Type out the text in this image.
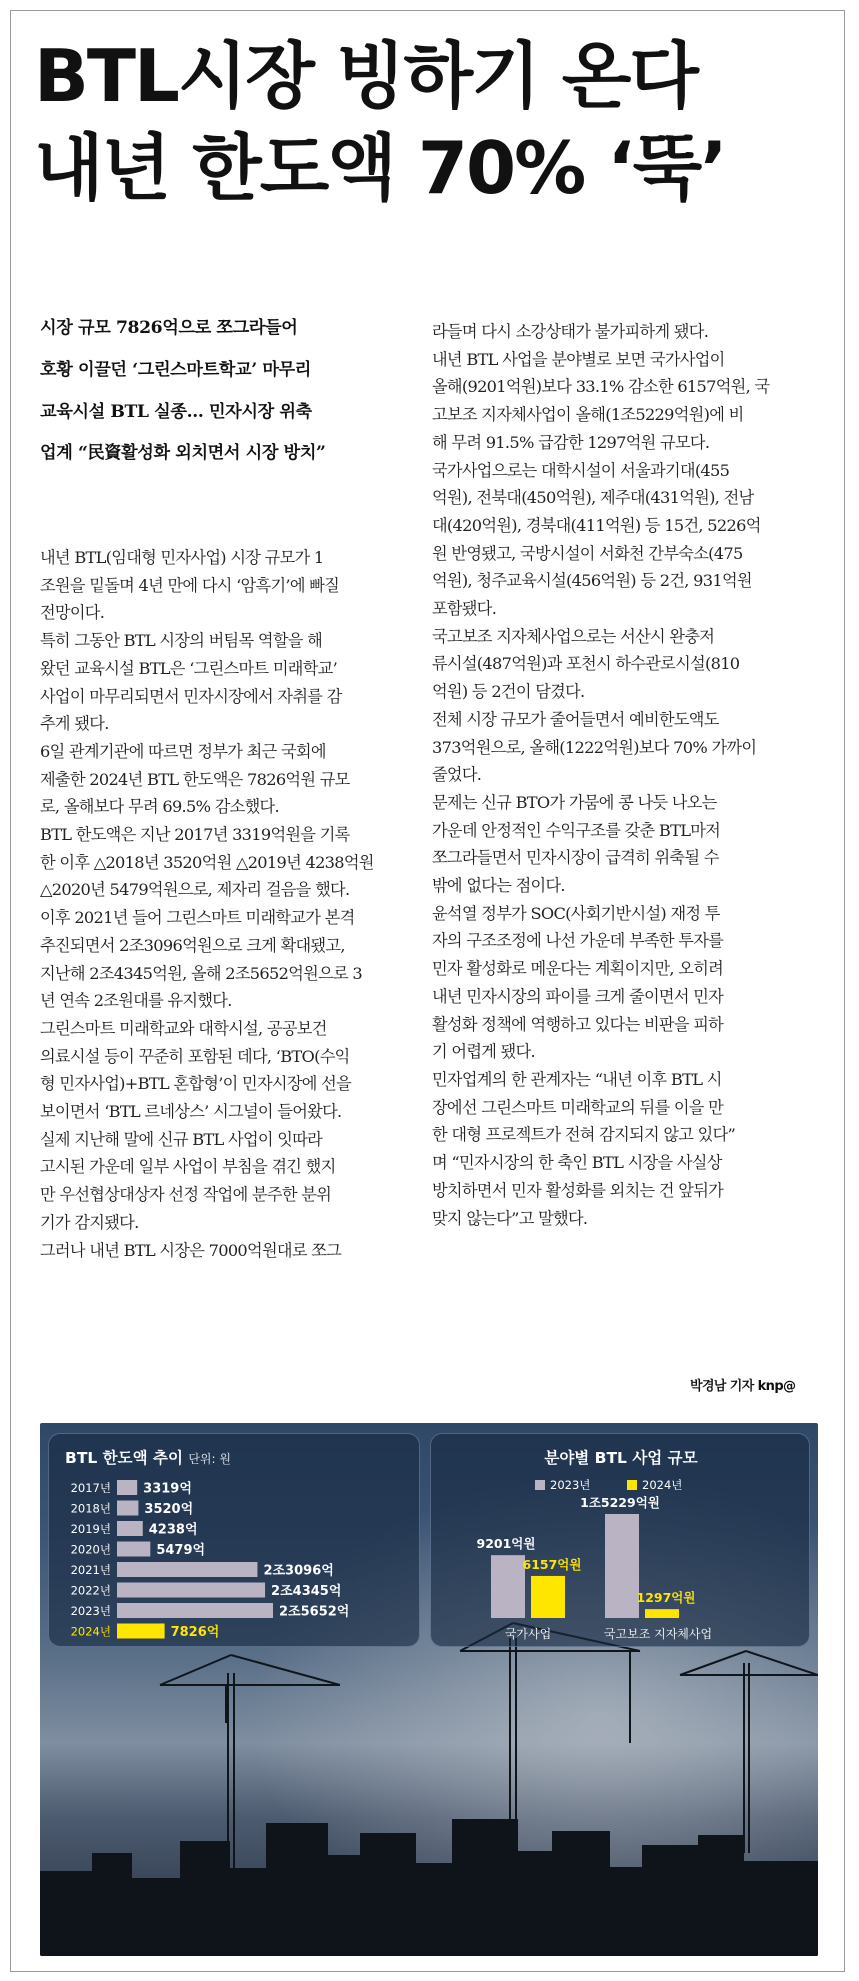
BTL시장 빙하기 온다
내년 한도액 70% ‘뚝’
시장 규모 7826억으로 쪼그라들어
호황 이끌던 ‘그린스마트학교’ 마무리
교육시설 BTL 실종… 민자시장 위축
업계 “民資활성화 외치면서 시장 방치”
내년 BTL(임대형 민자사업) 시장 규모가 1
조원을 밑돌며 4년 만에 다시 ‘암흑기’에 빠질
전망이다.
특히 그동안 BTL 시장의 버팀목 역할을 해
왔던 교육시설 BTL은 ‘그린스마트 미래학교’
사업이 마무리되면서 민자시장에서 자취를 감
추게 됐다.
6일 관계기관에 따르면 정부가 최근 국회에
제출한 2024년 BTL 한도액은 7826억원 규모
로, 올해보다 무려 69.5% 감소했다.
BTL 한도액은 지난 2017년 3319억원을 기록
한 이후 △2018년 3520억원 △2019년 4238억원
△2020년 5479억원으로, 제자리 걸음을 했다.
이후 2021년 들어 그린스마트 미래학교가 본격
추진되면서 2조3096억원으로 크게 확대됐고,
지난해 2조4345억원, 올해 2조5652억원으로 3
년 연속 2조원대를 유지했다.
그린스마트 미래학교와 대학시설, 공공보건
의료시설 등이 꾸준히 포함된 데다, ‘BTO(수익
형 민자사업)+BTL 혼합형’이 민자시장에 선을
보이면서 ‘BTL 르네상스’ 시그널이 들어왔다.
실제 지난해 말에 신규 BTL 사업이 잇따라
고시된 가운데 일부 사업이 부침을 겪긴 했지
만 우선협상대상자 선정 작업에 분주한 분위
기가 감지됐다.
그러나 내년 BTL 시장은 7000억원대로 쪼그
라들며 다시 소강상태가 불가피하게 됐다.
내년 BTL 사업을 분야별로 보면 국가사업이
올해(9201억원)보다 33.1% 감소한 6157억원, 국
고보조 지자체사업이 올해(1조5229억원)에 비
해 무려 91.5% 급감한 1297억원 규모다.
국가사업으로는 대학시설이 서울과기대(455
억원), 전북대(450억원), 제주대(431억원), 전남
대(420억원), 경북대(411억원) 등 15건, 5226억
원 반영됐고, 국방시설이 서화천 간부숙소(475
억원), 청주교육시설(456억원) 등 2건, 931억원
포함됐다.
국고보조 지자체사업으로는 서산시 완충저
류시설(487억원)과 포천시 하수관로시설(810
억원) 등 2건이 담겼다.
전체 시장 규모가 줄어들면서 예비한도액도
373억원으로, 올해(1222억원)보다 70% 가까이
줄었다.
문제는 신규 BTO가 가뭄에 콩 나듯 나오는
가운데 안정적인 수익구조를 갖춘 BTL마저
쪼그라들면서 민자시장이 급격히 위축될 수
밖에 없다는 점이다.
윤석열 정부가 SOC(사회기반시설) 재정 투
자의 구조조정에 나선 가운데 부족한 투자를
민자 활성화로 메운다는 계획이지만, 오히려
내년 민자시장의 파이를 크게 줄이면서 민자
활성화 정책에 역행하고 있다는 비판을 피하
기 어렵게 됐다.
민자업계의 한 관계자는 “내년 이후 BTL 시
장에선 그린스마트 미래학교의 뒤를 이을 만
한 대형 프로젝트가 전혀 감지되지 않고 있다”
며 “민자시장의 한 축인 BTL 시장을 사실상
방치하면서 민자 활성화를 외치는 건 앞뒤가
맞지 않는다”고 말했다.
박경남 기자 knp@
BTL 한도액 추이 단위: 원
2017년 3319억
2018년	3520억
2019년	4238억
2020년	5479억
2021년	2조3096억
2022년	2조4345억
2023년	2조5652억
2024년	7826억
분야별 BTL 사업 규모
2023년	2024년
9201억원
6157억원
국가사업
1조5229억원
1297억원
국고보조 지자체사업
